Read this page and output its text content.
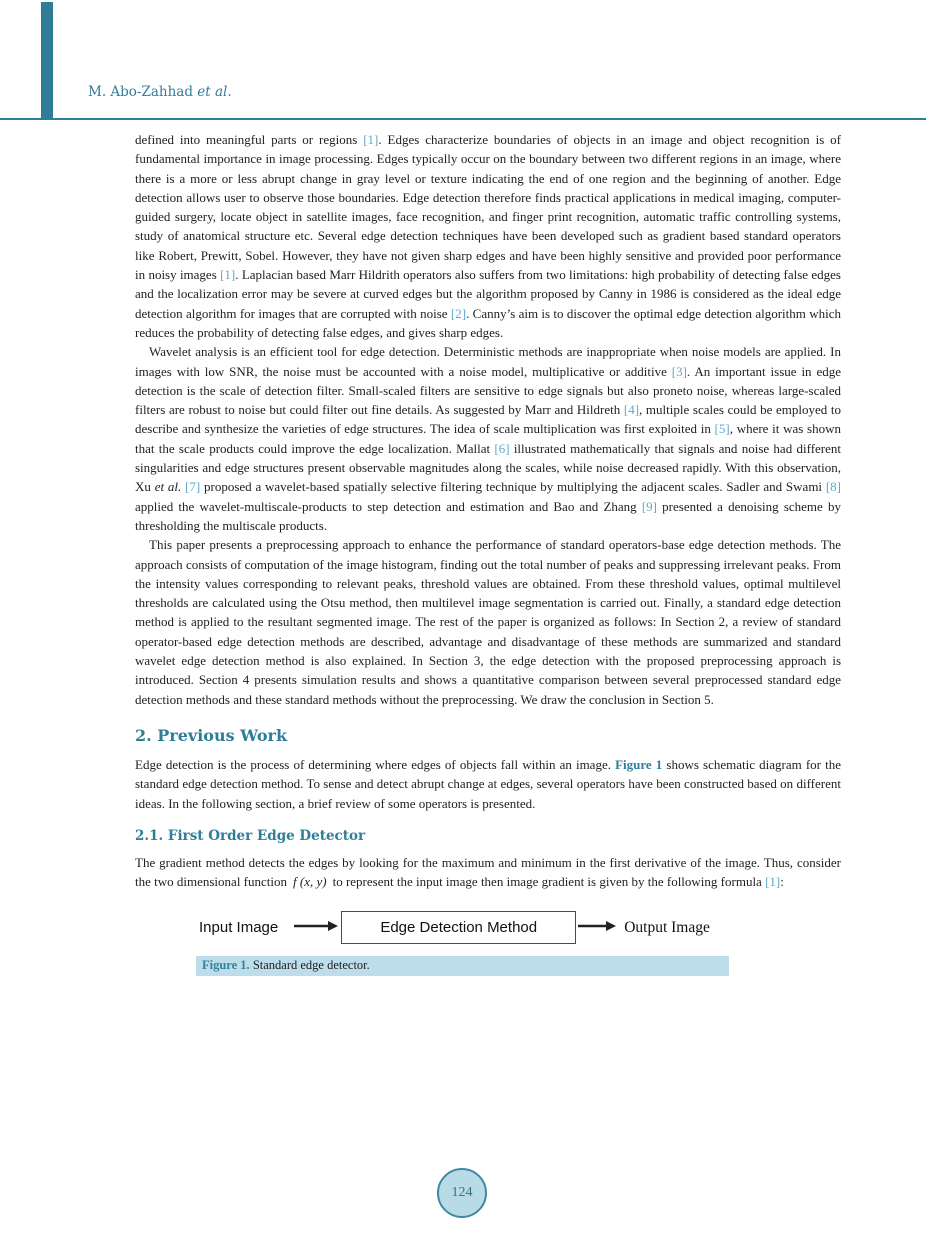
M. Abo-Zahhad et al.

defined into meaningful parts or regions [1]. Edges characterize boundaries of objects in an image and object recognition is of fundamental importance in image processing. Edges typically occur on the boundary between two different regions in an image, where there is a more or less abrupt change in gray level or texture indicating the end of one region and the beginning of another. Edge detection allows user to observe those boundaries. Edge detection therefore finds practical applications in medical imaging, computer-guided surgery, locate object in satellite images, face recognition, and finger print recognition, automatic traffic controlling systems, study of anatomical structure etc. Several edge detection techniques have been developed such as gradient based standard operators like Robert, Prewitt, Sobel. However, they have not given sharp edges and have been highly sensitive and provided poor performance in noisy images [1]. Laplacian based Marr Hildrith operators also suffers from two limitations: high probability of detecting false edges and the localization error may be severe at curved edges but the algorithm proposed by Canny in 1986 is considered as the ideal edge detection algorithm for images that are corrupted with noise [2]. Canny’s aim is to discover the optimal edge detection algorithm which reduces the probability of detecting false edges, and gives sharp edges.

Wavelet analysis is an efficient tool for edge detection. Deterministic methods are inappropriate when noise models are applied. In images with low SNR, the noise must be accounted with a noise model, multiplicative or additive [3]. An important issue in edge detection is the scale of detection filter. Small-scaled filters are sensitive to edge signals but also proneto noise, whereas large-scaled filters are robust to noise but could filter out fine details. As suggested by Marr and Hildreth [4], multiple scales could be employed to describe and synthesize the varieties of edge structures. The idea of scale multiplication was first exploited in [5], where it was shown that the scale products could improve the edge localization. Mallat [6] illustrated mathematically that signals and noise had different singularities and edge structures present observable magnitudes along the scales, while noise decreased rapidly. With this observation, Xu et al. [7] proposed a wavelet-based spatially selective filtering technique by multiplying the adjacent scales. Sadler and Swami [8] applied the wavelet-multiscale-products to step detection and estimation and Bao and Zhang [9] presented a denoising scheme by thresholding the multiscale products.

This paper presents a preprocessing approach to enhance the performance of standard operators-base edge detection methods. The approach consists of computation of the image histogram, finding out the total number of peaks and suppressing irrelevant peaks. From the intensity values corresponding to relevant peaks, threshold values are obtained. From these threshold values, optimal multilevel thresholds are calculated using the Otsu method, then multilevel image segmentation is carried out. Finally, a standard edge detection method is applied to the resultant segmented image. The rest of the paper is organized as follows: In Section 2, a review of standard operator-based edge detection methods are described, advantage and disadvantage of these methods are summarized and standard wavelet edge detection method is also explained. In Section 3, the edge detection with the proposed preprocessing approach is introduced. Section 4 presents simulation results and shows a quantitative comparison between several preprocessed standard edge detection methods and these standard methods without the preprocessing. We draw the conclusion in Section 5.

2. Previous Work

Edge detection is the process of determining where edges of objects fall within an image. Figure 1 shows schematic diagram for the standard edge detection method. To sense and detect abrupt change at edges, several operators have been constructed based on different ideas. In the following section, a brief review of some operators is presented.

2.1. First Order Edge Detector

The gradient method detects the edges by looking for the maximum and minimum in the first derivative of the image. Thus, consider the two dimensional function f (x, y) to represent the input image then image gradient is given by the following formula [1]:

Input Image	Edge Detection Method	Output Image
Figure 1. Standard edge detector.
124
